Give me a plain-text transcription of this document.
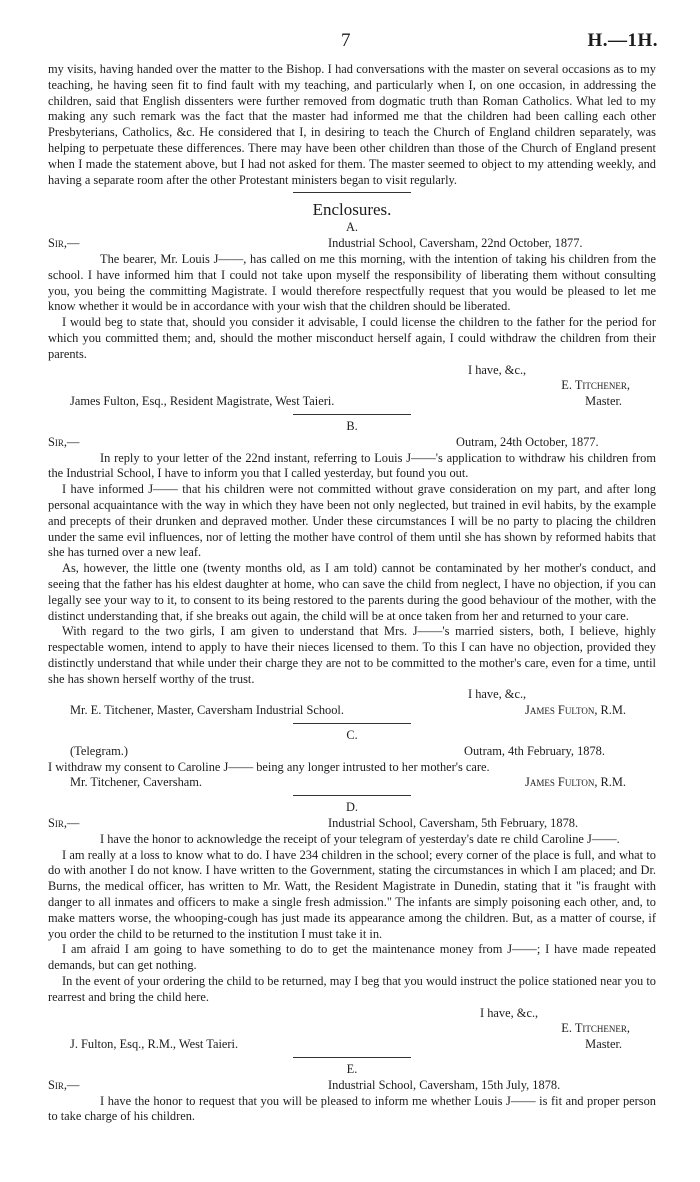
7	H.—1H.

my visits, having handed over the matter to the Bishop. I had conversations with the master on several occasions as to my teaching, he having seen fit to find fault with my teaching, and particularly when I, on one occasion, in addressing the children, said that English dissenters were further removed from dogmatic truth than Roman Catholics. What led to my making any such remark was the fact that the master had informed me that the children had been calling each other Presbyterians, Catholics, &c. He considered that I, in desiring to teach the Church of England children separately, was helping to perpetuate these differences. There may have been other children than those of the Church of England present when I made the statement above, but I had not asked for them. The master seemed to object to my attending weekly, and having a separate room after the other Protestant ministers began to visit regularly.

Enclosures.

A.

Sir,—	Industrial School, Caversham, 22nd October, 1877.

The bearer, Mr. Louis J——, has called on me this morning, with the intention of taking his children from the school. I have informed him that I could not take upon myself the responsibility of liberating them without consulting you, you being the committing Magistrate. I would therefore respectfully request that you would be pleased to let me know whether it would be in accordance with your wish that the children should be liberated.

I would beg to state that, should you consider it advisable, I could license the children to the father for the period for which you committed them; and, should the mother misconduct herself again, I could withdraw the children from their parents.

I have, &c.,
E. Titchener,
James Fulton, Esq., Resident Magistrate, West Taieri.	Master.

B.

Sir,—	Outram, 24th October, 1877.

In reply to your letter of the 22nd instant, referring to Louis J——'s application to withdraw his children from the Industrial School, I have to inform you that I called yesterday, but found you out.

I have informed J—— that his children were not committed without grave consideration on my part, and after long personal acquaintance with the way in which they have been not only neglected, but trained in evil habits, by the example and precepts of their drunken and depraved mother. Under these circumstances I will be no party to placing the children under the same evil influences, nor of letting the mother have control of them until she has shown by reformed habits that she has turned over a new leaf.

As, however, the little one (twenty months old, as I am told) cannot be contaminated by her mother's conduct, and seeing that the father has his eldest daughter at home, who can save the child from neglect, I have no objection, if you can legally see your way to it, to consent to its being restored to the parents during the good behaviour of the mother, with the distinct understanding that, if she breaks out again, the child will be at once taken from her and returned to your care.

With regard to the two girls, I am given to understand that Mrs. J——'s married sisters, both, I believe, highly respectable women, intend to apply to have their nieces licensed to them. To this I can have no objection, provided they distinctly understand that while under their charge they are not to be committed to the mother's care, even for a time, until she has shown herself worthy of the trust.

I have, &c.,
Mr. E. Titchener, Master, Caversham Industrial School.	James Fulton, R.M.

C.

(Telegram.)	Outram, 4th February, 1878.

I withdraw my consent to Caroline J—— being any longer intrusted to her mother's care.

Mr. Titchener, Caversham.	James Fulton, R.M.

D.

Sir,—	Industrial School, Caversham, 5th February, 1878.

I have the honor to acknowledge the receipt of your telegram of yesterday's date re child Caroline J——.

I am really at a loss to know what to do. I have 234 children in the school; every corner of the place is full, and what to do with another I do not know. I have written to the Government, stating the circumstances in which I am placed; and Dr. Burns, the medical officer, has written to Mr. Watt, the Resident Magistrate in Dunedin, stating that it "is fraught with danger to all inmates and officers to make a single fresh admission." The infants are simply poisoning each other, and, to make matters worse, the whooping-cough has just made its appearance among the children. But, as a matter of course, if you order the child to be returned to the institution I must take it in.

I am afraid I am going to have something to do to get the maintenance money from J——; I have made repeated demands, but can get nothing.

In the event of your ordering the child to be returned, may I beg that you would instruct the police stationed near you to rearrest and bring the child here.

I have, &c.,
E. Titchener,
J. Fulton, Esq., R.M., West Taieri.	Master.

E.

Sir,—	Industrial School, Caversham, 15th July, 1878.

I have the honor to request that you will be pleased to inform me whether Louis J—— is fit and proper person to take charge of his children.
